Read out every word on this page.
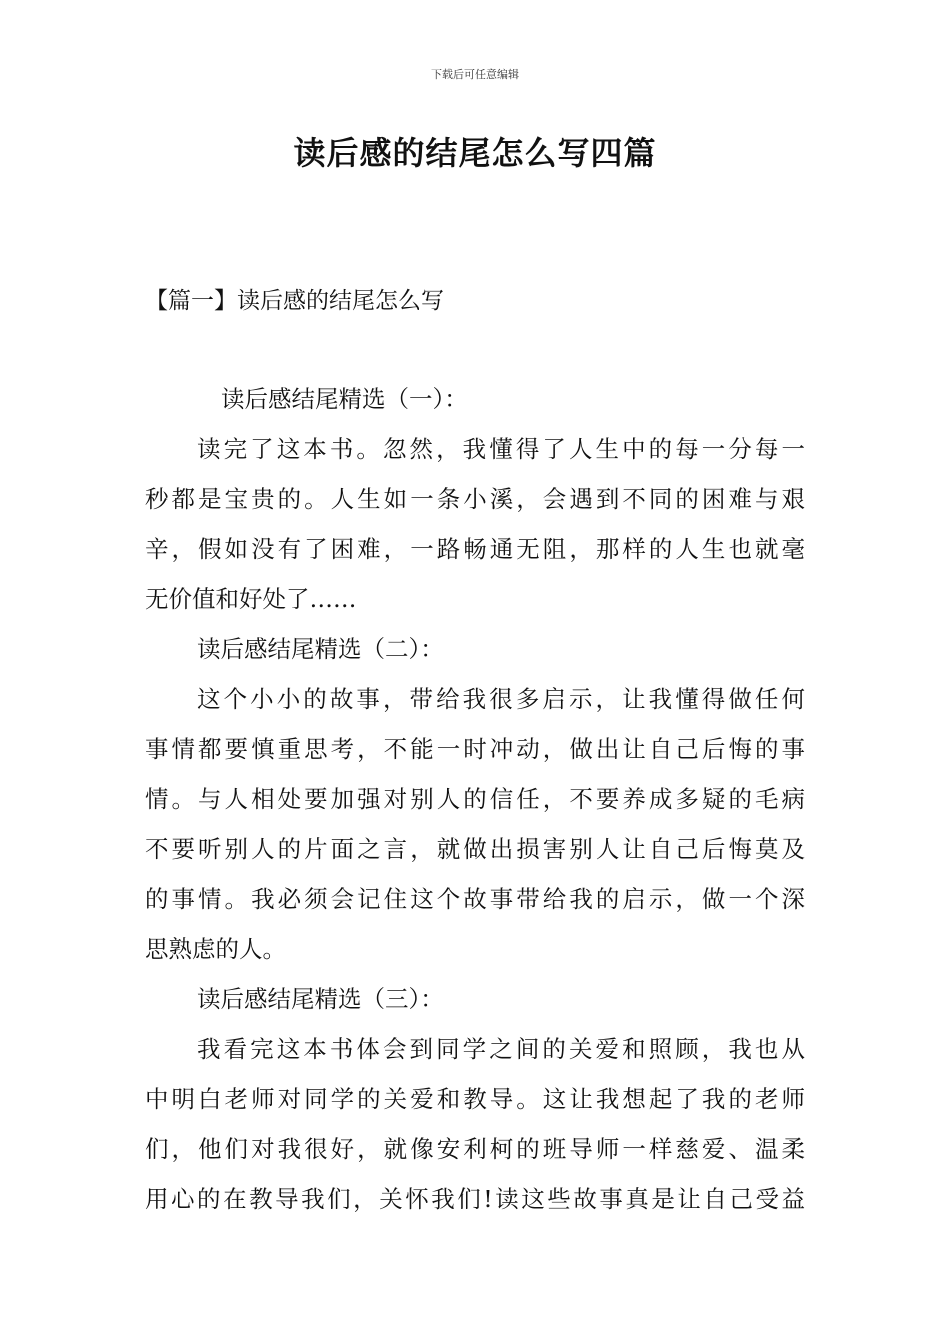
下载后可任意编辑
读后感的结尾怎么写四篇
【篇一】读后感的结尾怎么写
读后感结尾精选（一）：
读完了这本书。忽然，我懂得了人生中的每一分每一
秒都是宝贵的。人生如一条小溪，会遇到不同的困难与艰
辛，假如没有了困难，一路畅通无阻，那样的人生也就毫
无价值和好处了……
读后感结尾精选（二）：
这个小小的故事，带给我很多启示，让我懂得做任何
事情都要慎重思考，不能一时冲动，做出让自己后悔的事
情。与人相处要加强对别人的信任，不要养成多疑的毛病
不要听别人的片面之言，就做出损害别人让自己后悔莫及
的事情。我必须会记住这个故事带给我的启示，做一个深
思熟虑的人。
读后感结尾精选（三）：
我看完这本书体会到同学之间的关爱和照顾，我也从
中明白老师对同学的关爱和教导。这让我想起了我的老师
们，他们对我很好，就像安利柯的班导师一样慈爱、温柔
用心的在教导我们，关怀我们!读这些故事真是让自己受益
